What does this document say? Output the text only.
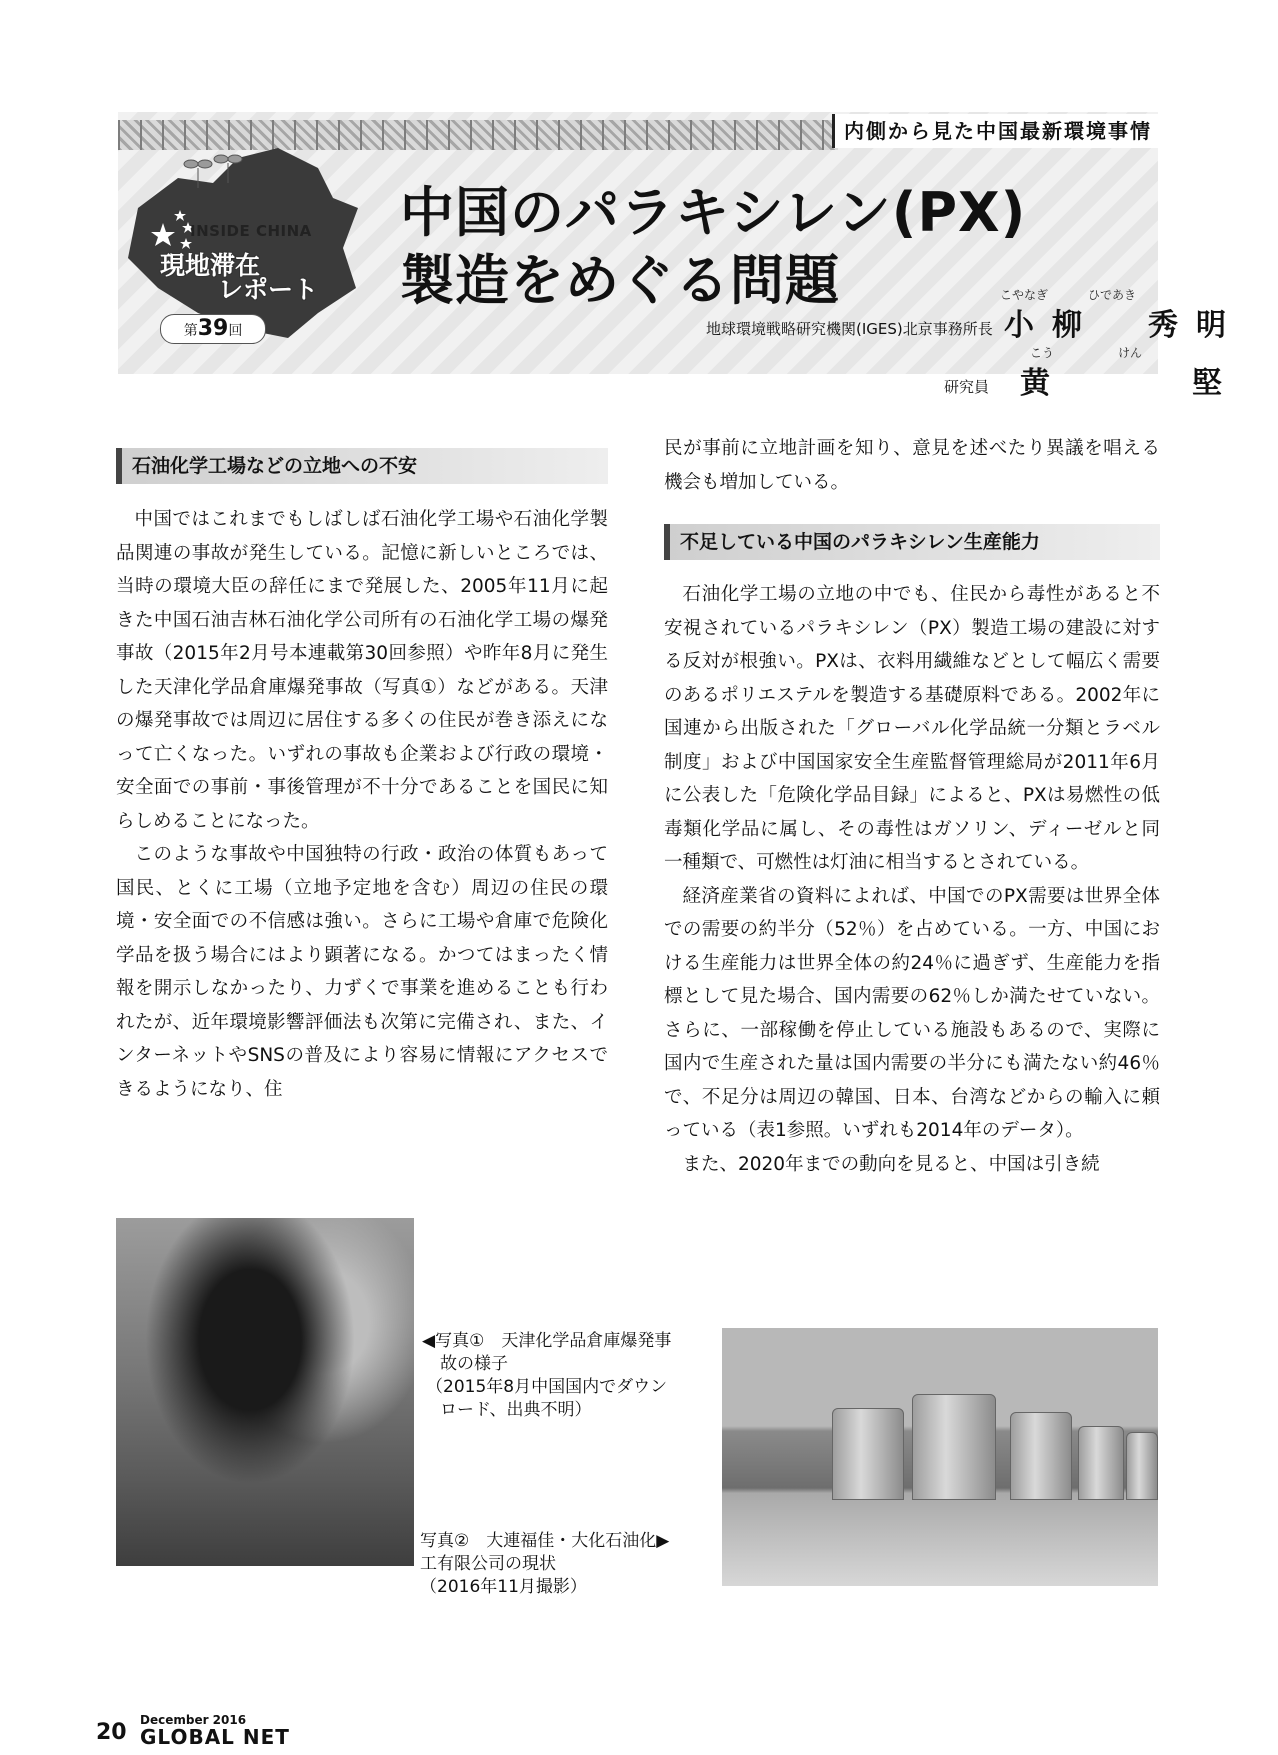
内側から見た中国最新環境事情
INSIDE CHINA
現地滞在
レポート
第39回
中国のパラキシレン(PX)
製造をめぐる問題	こやなぎ	ひであき
地球環境戦略研究機関(IGES)北京事務所長 小柳　秀明
こう	けん
研究員 黄　堅
石油化学工場などの立地への不安

中国ではこれまでもしばしば石油化学工場や石油化学製品関連の事故が発生している。記憶に新しいところでは、当時の環境大臣の辞任にまで発展した、2005年11月に起きた中国石油吉林石油化学公司所有の石油化学工場の爆発事故（2015年2月号本連載第30回参照）や昨年8月に発生した天津化学品倉庫爆発事故（写真①）などがある。天津の爆発事故では周辺に居住する多くの住民が巻き添えになって亡くなった。いずれの事故も企業および行政の環境・安全面での事前・事後管理が不十分であることを国民に知らしめることになった。

このような事故や中国独特の行政・政治の体質もあって国民、とくに工場（立地予定地を含む）周辺の住民の環境・安全面での不信感は強い。さらに工場や倉庫で危険化学品を扱う場合にはより顕著になる。かつてはまったく情報を開示しなかったり、力ずくで事業を進めることも行われたが、近年環境影響評価法も次第に完備され、また、インターネットやSNSの普及により容易に情報にアクセスできるようになり、住

民が事前に立地計画を知り、意見を述べたり異議を唱える機会も増加している。

不足している中国のパラキシレン生産能力

石油化学工場の立地の中でも、住民から毒性があると不安視されているパラキシレン（PX）製造工場の建設に対する反対が根強い。PXは、衣料用繊維などとして幅広く需要のあるポリエステルを製造する基礎原料である。2002年に国連から出版された「グローバル化学品統一分類とラベル制度」および中国国家安全生産監督管理総局が2011年6月に公表した「危険化学品目録」によると、PXは易燃性の低毒類化学品に属し、その毒性はガソリン、ディーゼルと同一種類で、可燃性は灯油に相当するとされている。

経済産業省の資料によれば、中国でのPX需要は世界全体での需要の約半分（52％）を占めている。一方、中国における生産能力は世界全体の約24％に過ぎず、生産能力を指標として見た場合、国内需要の62％しか満たせていない。さらに、一部稼働を停止している施設もあるので、実際に国内で生産された量は国内需要の半分にも満たない約46％で、不足分は周辺の韓国、日本、台湾などからの輸入に頼っている（表1参照。いずれも2014年のデータ）。

また、2020年までの動向を見ると、中国は引き続

◀写真①　天津化学品倉庫爆発事
故の様子
（2015年8月中国国内でダウン
ロード、出典不明）
写真②　大連福佳・大化石油化▶
工有限公司の現状
（2016年11月撮影）
20 December 2016
GLOBAL NET
